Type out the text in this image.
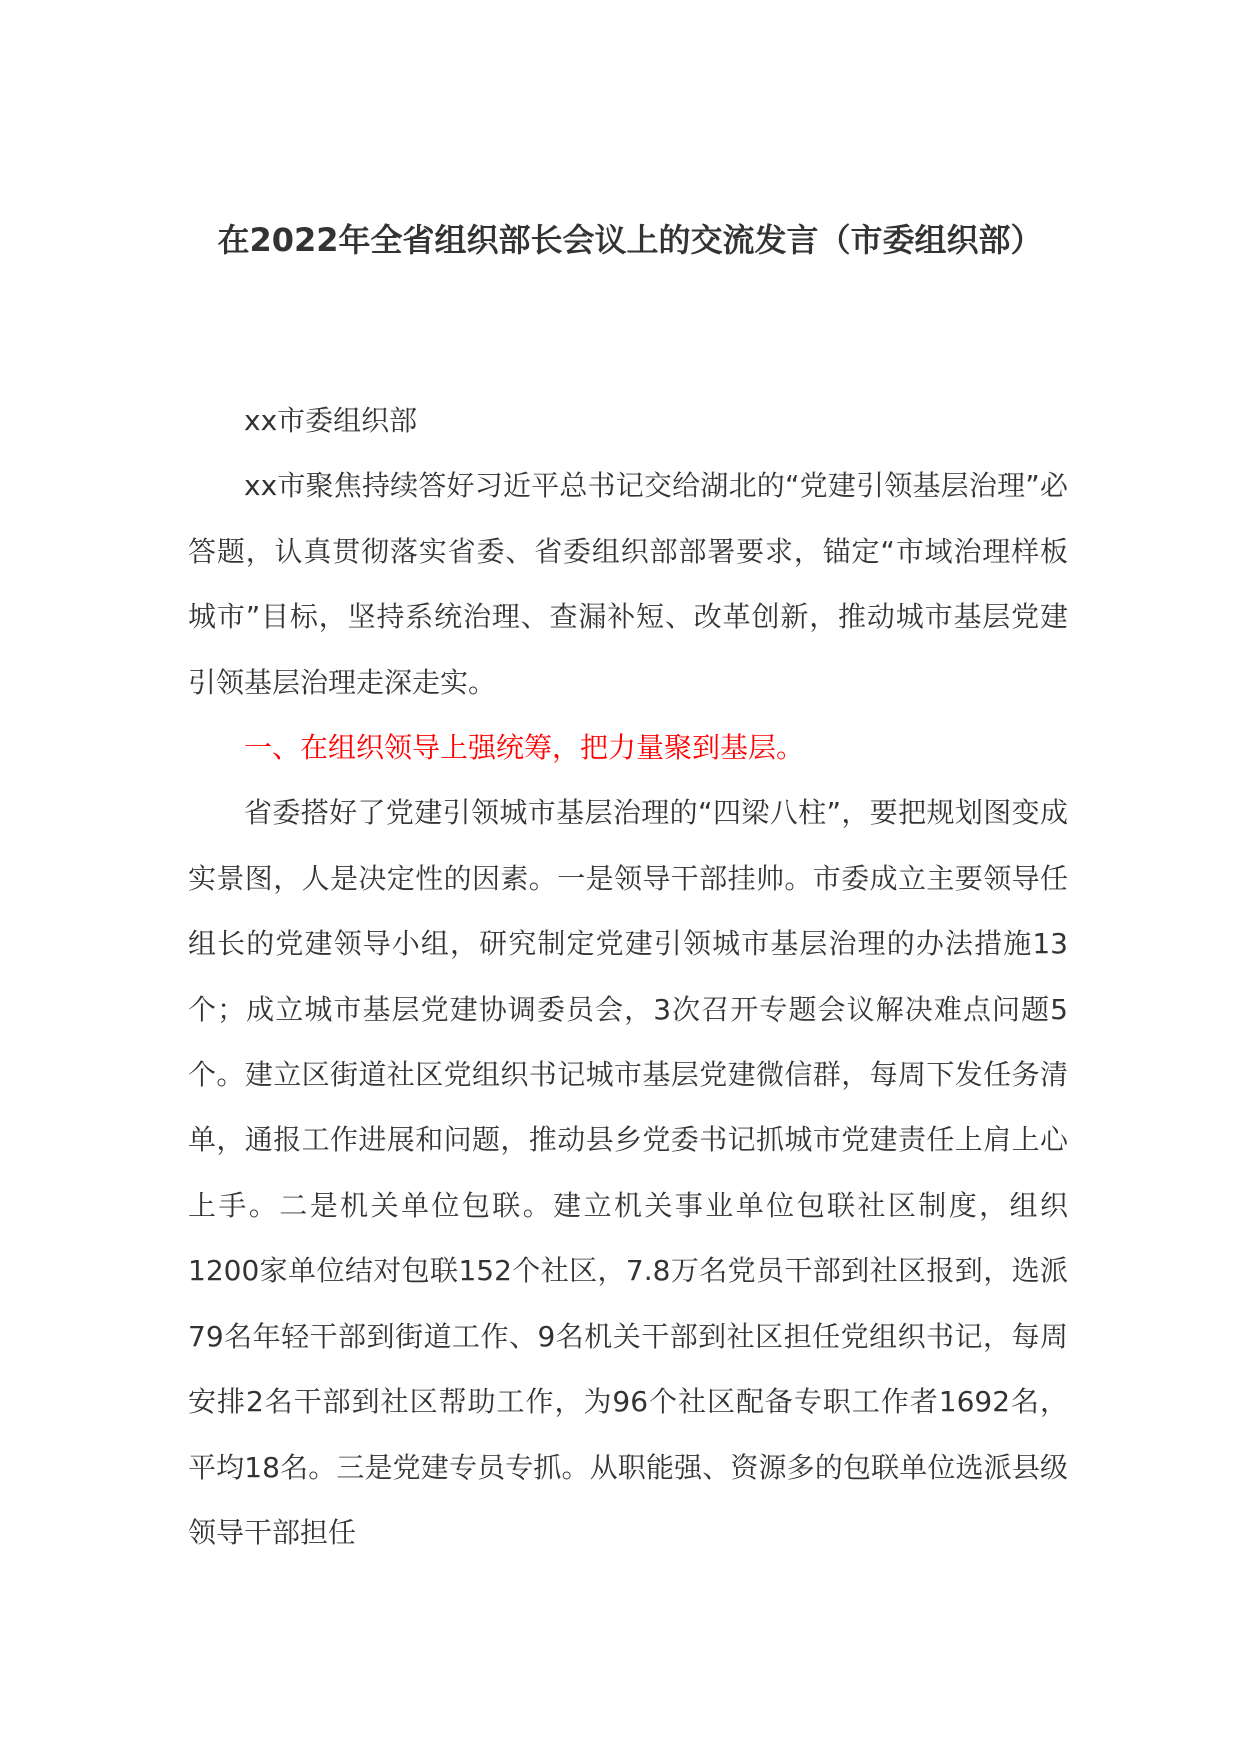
在2022年全省组织部长会议上的交流发言（市委组织部）

xx市委组织部

xx市聚焦持续答好习近平总书记交给湖北的“党建引领基层治理”必答题，认真贯彻落实省委、省委组织部部署要求，锚定“市域治理样板城市”目标，坚持系统治理、查漏补短、改革创新，推动城市基层党建引领基层治理走深走实。

一、在组织领导上强统筹，把力量聚到基层。

省委搭好了党建引领城市基层治理的“四梁八柱”，要把规划图变成实景图，人是决定性的因素。一是领导干部挂帅。市委成立主要领导任组长的党建领导小组，研究制定党建引领城市基层治理的办法措施13个；成立城市基层党建协调委员会，3次召开专题会议解决难点问题5个。建立区街道社区党组织书记城市基层党建微信群，每周下发任务清单，通报工作进展和问题，推动县乡党委书记抓城市党建责任上肩上心上手。二是机关单位包联。建立机关事业单位包联社区制度，组织1200家单位结对包联152个社区，7.8万名党员干部到社区报到，选派79名年轻干部到街道工作、9名机关干部到社区担任党组织书记，每周安排2名干部到社区帮助工作，为96个社区配备专职工作者1692名，平均18名。三是党建专员专抓。从职能强、资源多的包联单位选派县级领导干部担任
